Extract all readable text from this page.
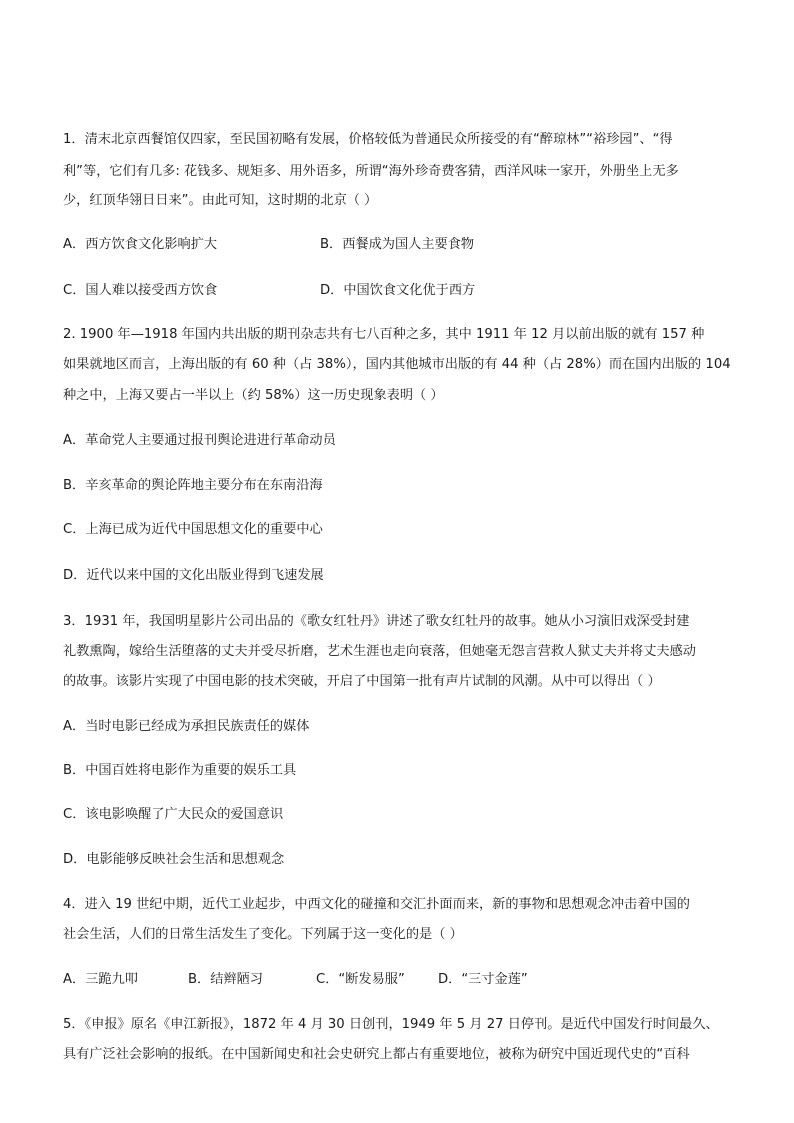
1．清末北京西餐馆仅四家，至民国初略有发展，价格较低为普通民众所接受的有“醉琼林”“裕珍园”、“得
利”等，它们有几多: 花钱多、规矩多、用外语多，所谓“海外珍奇费客猜，西洋风味一家开，外册坐上无多
少，红顶华翎日日来”。由此可知，这时期的北京（ ）
A．西方饮食文化影响扩大	B．西餐成为国人主要食物
C．国人难以接受西方饮食	D．中国饮食文化优于西方
2. 1900 年—1918 年国内共出版的期刊杂志共有七八百种之多，其中 1911 年 12 月以前出版的就有 157 种
如果就地区而言，上海出版的有 60 种（占 38%），国内其他城市出版的有 44 种（占 28%）而在国内出版的 104
种之中，上海又要占一半以上（约 58%）这一历史现象表明（ ）
A．革命党人主要通过报刊舆论进进行革命动员
B．辛亥革命的舆论阵地主要分布在东南沿海
C．上海已成为近代中国思想文化的重要中心
D．近代以来中国的文化出版业得到飞速发展
3．1931 年，我国明星影片公司出品的《歌女红牡丹》讲述了歌女红牡丹的故事。她从小习演旧戏深受封建
礼教熏陶，嫁给生活堕落的丈夫并受尽折磨，艺术生涯也走向衰落，但她毫无怨言营救人狱丈夫并将丈夫感动
的故事。该影片实现了中国电影的技术突破，开启了中国第一批有声片试制的风潮。从中可以得出（ ）
A．当时电影已经成为承担民族责任的媒体
B．中国百姓将电影作为重要的娱乐工具
C．该电影唤醒了广大民众的爱国意识
D．电影能够反映社会生活和思想观念
4．进入 19 世纪中期，近代工业起步，中西文化的碰撞和交汇扑面而来，新的事物和思想观念冲击着中国的
社会生活，人们的日常生活发生了变化。下列属于这一变化的是（ ）
A．三跪九叩	B．结辫陋习	C．“断发易服”	D．“三寸金莲”
5．《申报》原名《申江新报》，1872 年 4 月 30 日创刊，1949 年 5 月 27 日停刊。是近代中国发行时间最久、
具有广泛社会影响的报纸。在中国新闻史和社会史研究上都占有重要地位，被称为研究中国近现代史的“百科
